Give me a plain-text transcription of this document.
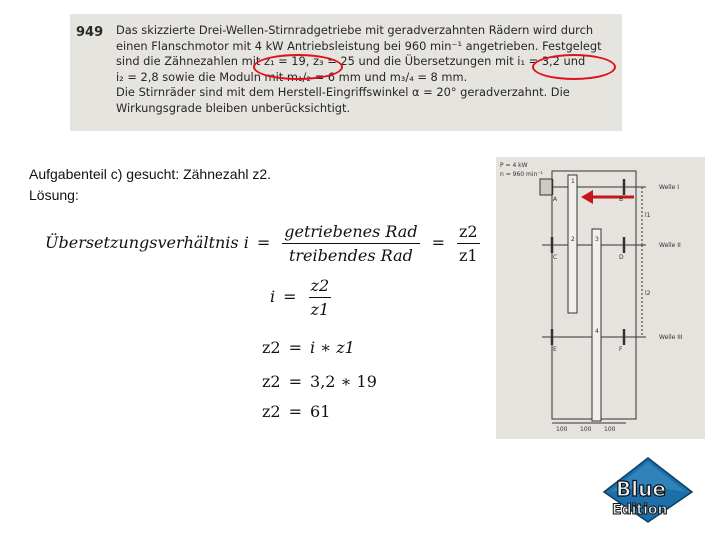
949 Das skizzierte Drei-Wellen-Stirnradgetriebe mit geradverzahnten Rädern wird durch
einen Flanschmotor mit 4 kW Antriebsleistung bei 960 min⁻¹ angetrieben. Festgelegt
sind die Zähnezahlen mit z₁ = 19, z₃ = 25 und die Übersetzungen mit i₁ = 3,2 und
i₂ = 2,8 sowie die Moduln mit m₁/₂ = 6 mm und m₃/₄ = 8 mm.
Die Stirnräder sind mit dem Herstell-Eingriffswinkel α = 20° geradverzahnt. Die
Wirkungsgrade bleiben unberücksichtigt.

Aufgabenteil c) gesucht: Zähnezahl z2.

Lösung:

Übersetzungsverhältnis $i = \frac{\text{getriebenes Rad}}{\text{treibendes Rad}} = \frac{z2}{z1}$
$i = \frac{z2}{z1}$
z2 = i ∗ z1
z2 = 3,2 ∗ 19
z2 = 61
P = 4 kW
n = 960 min⁻¹
Welle I
Welle II
Welle III
1
2	3
4
A	B
C	D
E	F
l1
l2
100 100 100
Blue
Edition
